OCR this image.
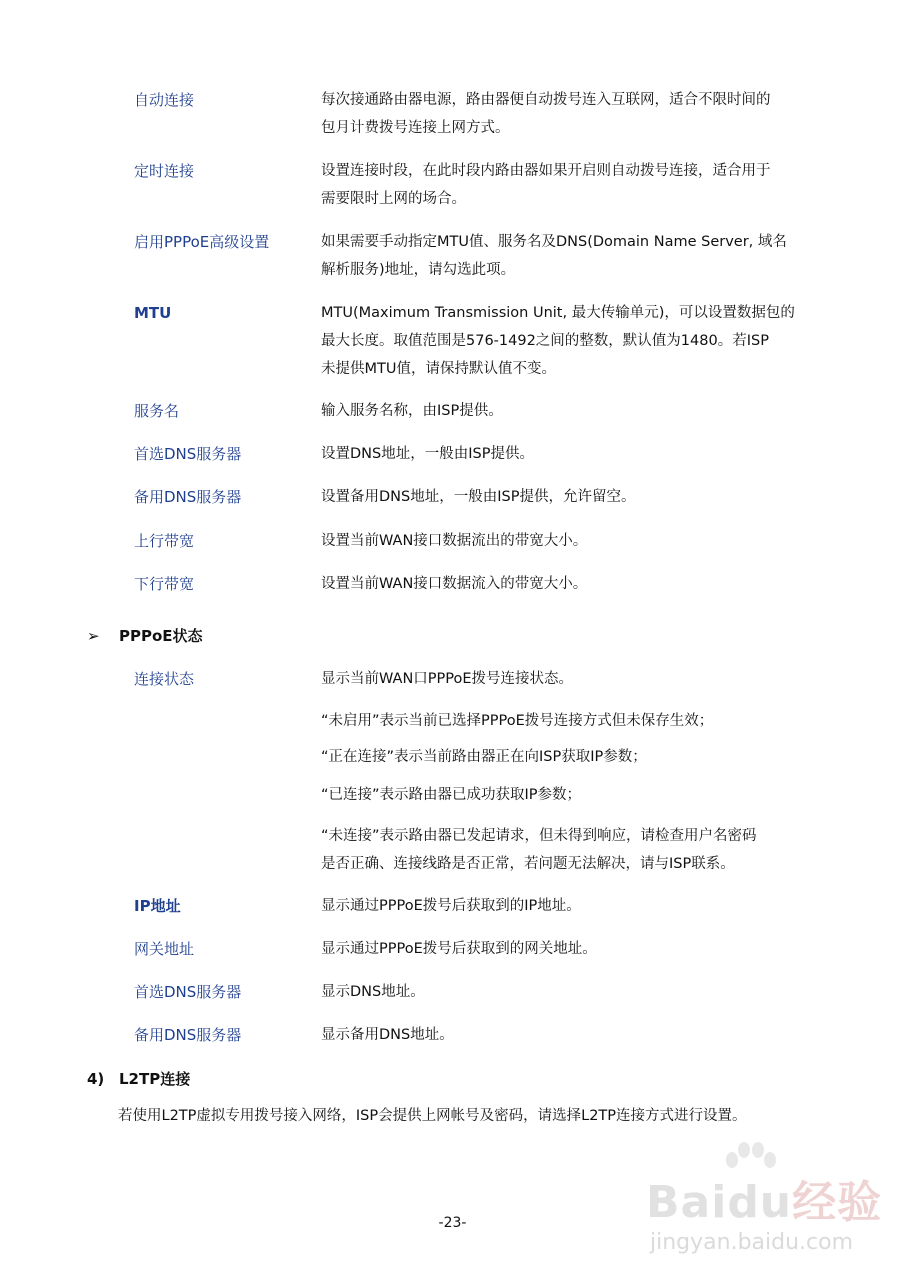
自动连接	每次接通路由器电源，路由器便自动拨号连入互联网，适合不限时间的
包月计费拨号连接上网方式。
定时连接	设置连接时段，在此时段内路由器如果开启则自动拨号连接，适合用于
需要限时上网的场合。
启用PPPoE高级设置	如果需要手动指定MTU值、服务名及DNS(Domain Name Server, 域名
解析服务)地址，请勾选此项。
MTU	MTU(Maximum Transmission Unit, 最大传输单元)，可以设置数据包的
最大长度。取值范围是576-1492之间的整数，默认值为1480。若ISP
未提供MTU值，请保持默认值不变。
服务名	输入服务名称，由ISP提供。
首选DNS服务器	设置DNS地址，一般由ISP提供。
备用DNS服务器	设置备用DNS地址，一般由ISP提供，允许留空。
上行带宽	设置当前WAN接口数据流出的带宽大小。
下行带宽	设置当前WAN接口数据流入的带宽大小。
➢ PPPoE状态
连接状态	显示当前WAN口PPPoE拨号连接状态。
“未启用”表示当前已选择PPPoE拨号连接方式但未保存生效；
“正在连接”表示当前路由器正在向ISP获取IP参数；
“已连接”表示路由器已成功获取IP参数；
“未连接”表示路由器已发起请求，但未得到响应，请检查用户名密码
是否正确、连接线路是否正常，若问题无法解决，请与ISP联系。
IP地址	显示通过PPPoE拨号后获取到的IP地址。
网关地址	显示通过PPPoE拨号后获取到的网关地址。
首选DNS服务器	显示DNS地址。
备用DNS服务器	显示备用DNS地址。
4) L2TP连接
若使用L2TP虚拟专用拨号接入网络，ISP会提供上网帐号及密码，请选择L2TP连接方式进行设置。
Baidu经验
jingyan.baidu.com
-23-
